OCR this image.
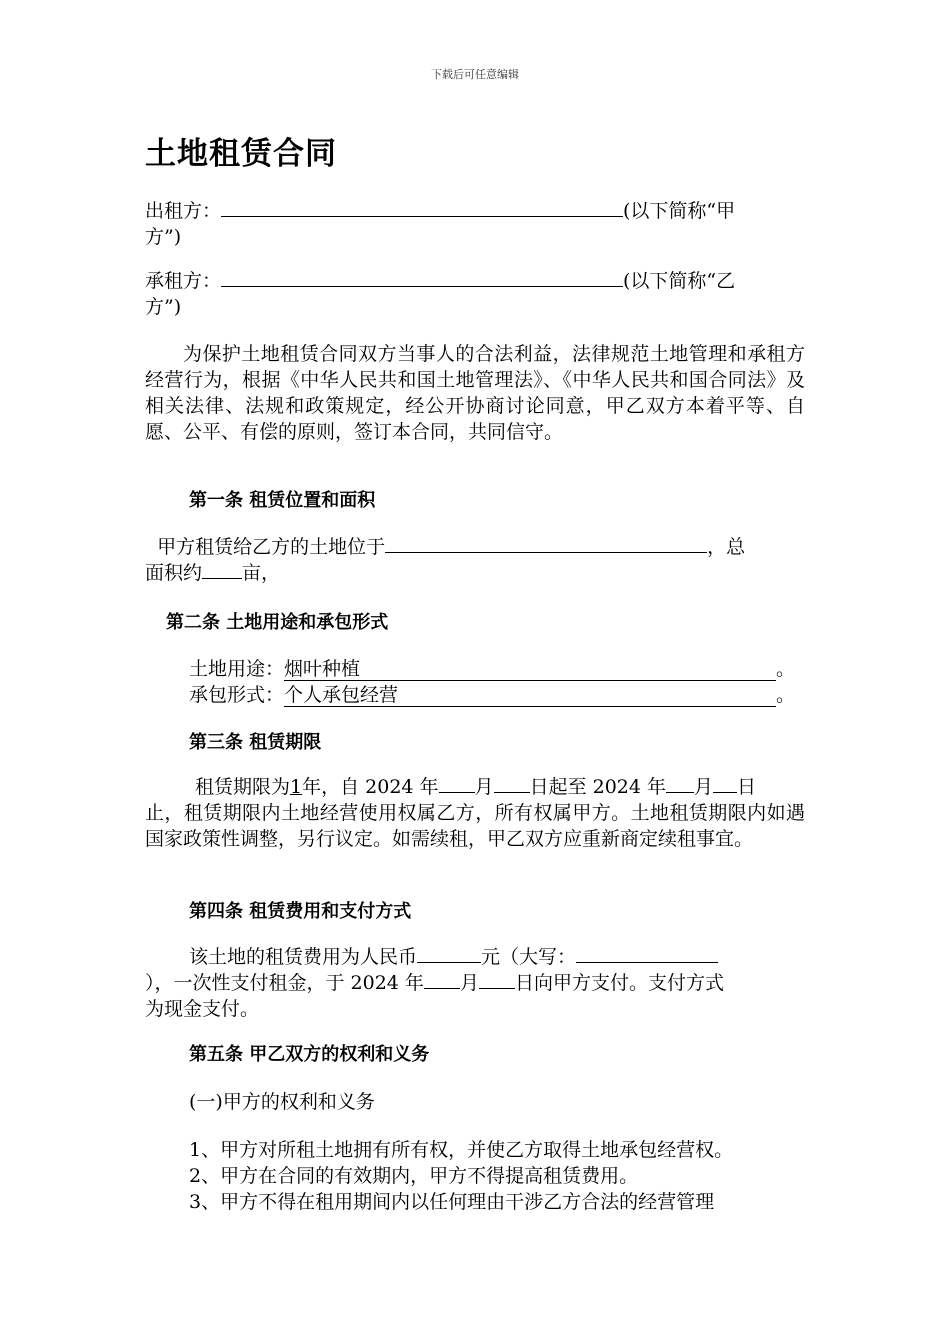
下载后可任意编辑
土地租赁合同
出租方：	(以下简称“甲
方”)
承租方：	(以下简称“乙
方”)
为保护土地租赁合同双方当事人的合法利益，法律规范土地管理和承租方经营行为，根据《中华人民共和国土地管理法》、《中华人民共和国合同法》及相关法律、法规和政策规定，经公开协商讨论同意，甲乙双方本着平等、自愿、公平、有偿的原则，签订本合同，共同信守。
第一条 租赁位置和面积
甲方租赁给乙方的土地位于	，总
面积约 亩，
第二条 土地用途和承包形式
土地用途：烟叶种植	。
承包形式：个人承包经营	。
第三条 租赁期限
租赁期限为1年，自 2024 年 月 日起至 2024 年 月 日
止，租赁期限内土地经营使用权属乙方，所有权属甲方。土地租赁期限内如遇国家政策性调整，另行议定。如需续租，甲乙双方应重新商定续租事宜。
第四条 租赁费用和支付方式
该土地的租赁费用为人民币	元（大写：
），一次性支付租金，于 2024 年 月 日向甲方支付。支付方式
为现金支付。
第五条 甲乙双方的权利和义务
(一)甲方的权利和义务
1、甲方对所租土地拥有所有权，并使乙方取得土地承包经营权。
2、甲方在合同的有效期内，甲方不得提高租赁费用。
3、甲方不得在租用期间内以任何理由干涉乙方合法的经营管理
